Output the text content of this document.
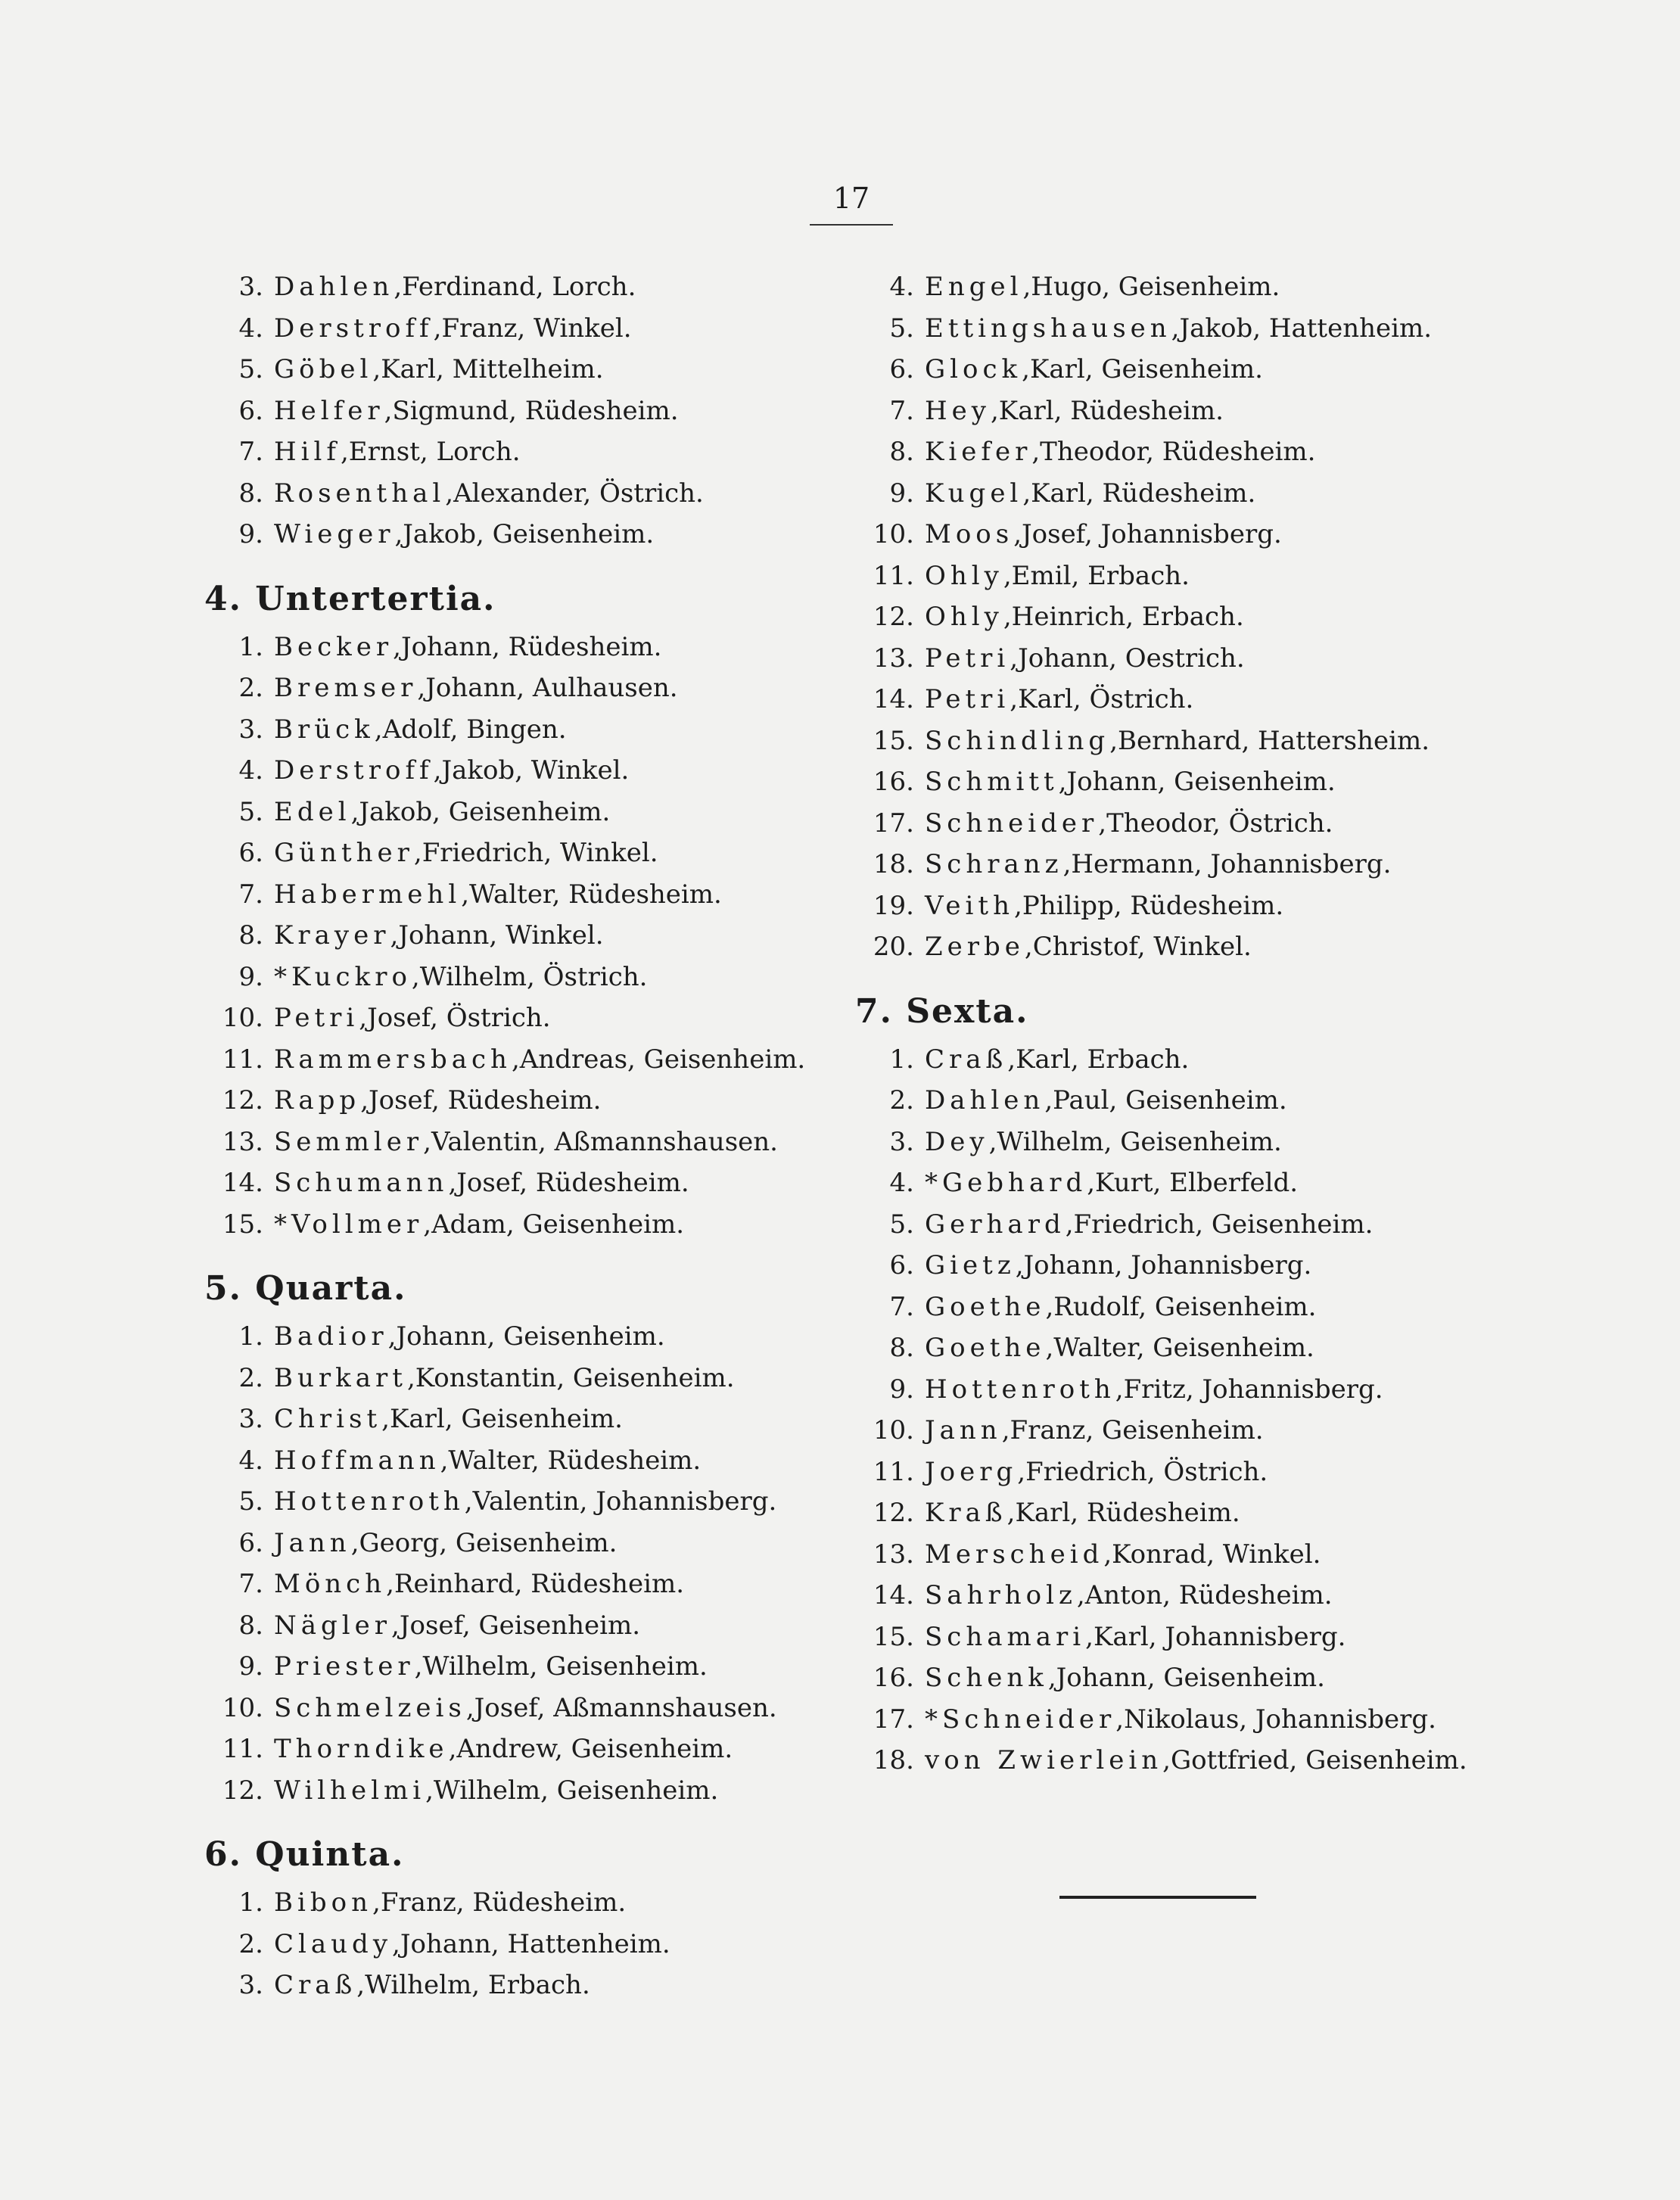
17
3. Dahlen , Ferdinand, Lorch.
4. Derstroff , Franz, Winkel.
5. Göbel , Karl, Mittelheim.
6. Helfer , Sigmund, Rüdesheim.
7. Hilf , Ernst, Lorch.
8. Rosenthal , Alexander, Östrich.
9. Wieger , Jakob, Geisenheim.
4. Untertertia.
1. Becker , Johann, Rüdesheim.
2. Bremser , Johann, Aulhausen.
3. Brück , Adolf, Bingen.
4. Derstroff , Jakob, Winkel.
5. Edel , Jakob, Geisenheim.
6. Günther , Friedrich, Winkel.
7. Habermehl , Walter, Rüdesheim.
8. Krayer , Johann, Winkel.
9. *Kuckro , Wilhelm, Östrich.
10. Petri , Josef, Östrich.
11. Rammersbach , Andreas, Geisenheim.
12. Rapp , Josef, Rüdesheim.
13. Semmler , Valentin, Aßmannshausen.
14. Schumann , Josef, Rüdesheim.
15. *Vollmer , Adam, Geisenheim.
5. Quarta.
1. Badior , Johann, Geisenheim.
2. Burkart , Konstantin, Geisenheim.
3. Christ , Karl, Geisenheim.
4. Hoffmann , Walter, Rüdesheim.
5. Hottenroth , Valentin, Johannisberg.
6. Jann , Georg, Geisenheim.
7. Mönch , Reinhard, Rüdesheim.
8. Nägler , Josef, Geisenheim.
9. Priester , Wilhelm, Geisenheim.
10. Schmelzeis , Josef, Aßmannshausen.
11. Thorndike , Andrew, Geisenheim.
12. Wilhelmi , Wilhelm, Geisenheim.
6. Quinta.
1. Bibon , Franz, Rüdesheim.
2. Claudy , Johann, Hattenheim.
3. Craß , Wilhelm, Erbach.
4. Engel , Hugo, Geisenheim.
5. Ettingshausen , Jakob, Hattenheim.
6. Glock , Karl, Geisenheim.
7. Hey , Karl, Rüdesheim.
8. Kiefer , Theodor, Rüdesheim.
9. Kugel , Karl, Rüdesheim.
10. Moos , Josef, Johannisberg.
11. Ohly , Emil, Erbach.
12. Ohly , Heinrich, Erbach.
13. Petri , Johann, Oestrich.
14. Petri , Karl, Östrich.
15. Schindling , Bernhard, Hattersheim.
16. Schmitt , Johann, Geisenheim.
17. Schneider , Theodor, Östrich.
18. Schranz , Hermann, Johannisberg.
19. Veith , Philipp, Rüdesheim.
20. Zerbe , Christof, Winkel.
7. Sexta.
1. Craß , Karl, Erbach.
2. Dahlen , Paul, Geisenheim.
3. Dey , Wilhelm, Geisenheim.
4. *Gebhard , Kurt, Elberfeld.
5. Gerhard , Friedrich, Geisenheim.
6. Gietz , Johann, Johannisberg.
7. Goethe , Rudolf, Geisenheim.
8. Goethe , Walter, Geisenheim.
9. Hottenroth , Fritz, Johannisberg.
10. Jann , Franz, Geisenheim.
11. Joerg , Friedrich, Östrich.
12. Kraß , Karl, Rüdesheim.
13. Merscheid , Konrad, Winkel.
14. Sahrholz , Anton, Rüdesheim.
15. Schamari , Karl, Johannisberg.
16. Schenk , Johann, Geisenheim.
17. *Schneider , Nikolaus, Johannisberg.
18. von Zwierlein , Gottfried, Geisenheim.
